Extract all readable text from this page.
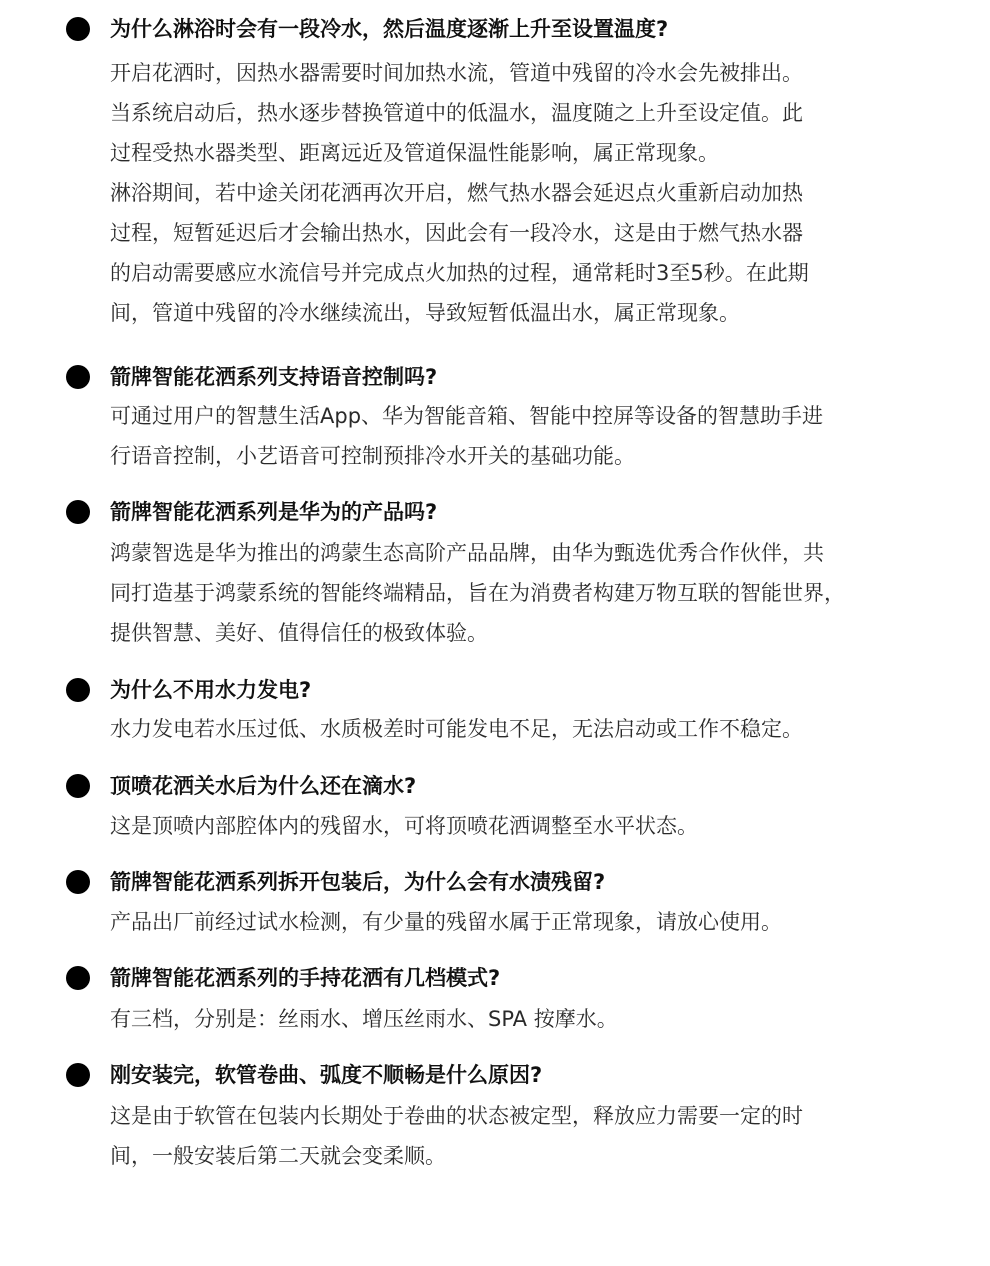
为什么淋浴时会有一段冷水，然后温度逐渐上升至设置温度?

开启花洒时，因热水器需要时间加热水流，管道中残留的冷水会先被排出。

当系统启动后，热水逐步替换管道中的低温水，温度随之上升至设定值。此

过程受热水器类型、距离远近及管道保温性能影响，属正常现象。

淋浴期间，若中途关闭花洒再次开启，燃气热水器会延迟点火重新启动加热

过程，短暂延迟后才会输出热水，因此会有一段冷水，这是由于燃气热水器

的启动需要感应水流信号并完成点火加热的过程，通常耗时3至5秒。在此期

间，管道中残留的冷水继续流出，导致短暂低温出水，属正常现象。

箭牌智能花洒系列支持语音控制吗?

可通过用户的智慧生活App、华为智能音箱、智能中控屏等设备的智慧助手进

行语音控制，小艺语音可控制预排冷水开关的基础功能。

箭牌智能花洒系列是华为的产品吗?

鸿蒙智选是华为推出的鸿蒙生态高阶产品品牌，由华为甄选优秀合作伙伴，共

同打造基于鸿蒙系统的智能终端精品，旨在为消费者构建万物互联的智能世界，

提供智慧、美好、值得信任的极致体验。

为什么不用水力发电?

水力发电若水压过低、水质极差时可能发电不足，无法启动或工作不稳定。

顶喷花洒关水后为什么还在滴水?

这是顶喷内部腔体内的残留水，可将顶喷花洒调整至水平状态。

箭牌智能花洒系列拆开包装后，为什么会有水渍残留?

产品出厂前经过试水检测，有少量的残留水属于正常现象，请放心使用。

箭牌智能花洒系列的手持花洒有几档模式?

有三档，分别是：丝雨水、增压丝雨水、SPA 按摩水。

刚安装完，软管卷曲、弧度不顺畅是什么原因?

这是由于软管在包装内长期处于卷曲的状态被定型，释放应力需要一定的时

间，一般安装后第二天就会变柔顺。
